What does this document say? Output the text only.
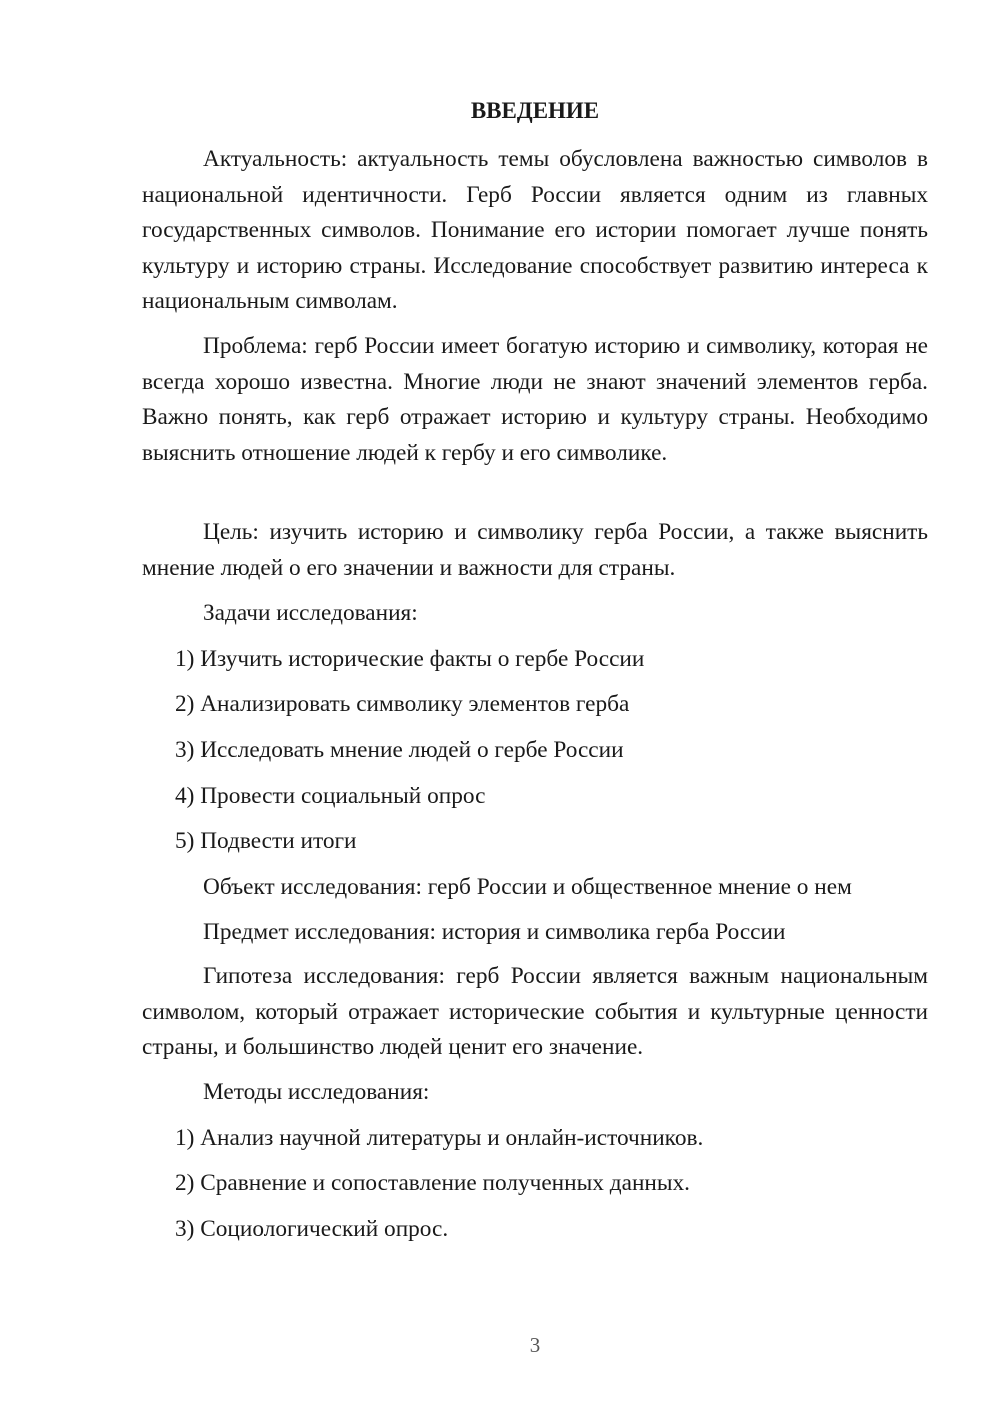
ВВЕДЕНИЕ

Актуальность: актуальность темы обусловлена важностью символов в национальной идентичности. Герб России является одним из главных государственных символов. Понимание его истории помогает лучше понять культуру и историю страны. Исследование способствует развитию интереса к национальным символам.

Проблема: герб России имеет богатую историю и символику, которая не всегда хорошо известна. Многие люди не знают значений элементов герба. Важно понять, как герб отражает историю и культуру страны. Необходимо выяснить отношение людей к гербу и его символике.

Цель: изучить историю и символику герба России, а также выяснить мнение людей о его значении и важности для страны.

Задачи исследования:

1) Изучить исторические факты о гербе России

2) Анализировать символику элементов герба

3) Исследовать мнение людей о гербе России

4) Провести социальный опрос

5) Подвести итоги

Объект исследования: герб России и общественное мнение о нем

Предмет исследования: история и символика герба России

Гипотеза исследования: герб России является важным национальным символом, который отражает исторические события и культурные ценности страны, и большинство людей ценит его значение.

Методы исследования:

1) Анализ научной литературы и онлайн-источников.

2) Сравнение и сопоставление полученных данных.

3) Социологический опрос.

3
